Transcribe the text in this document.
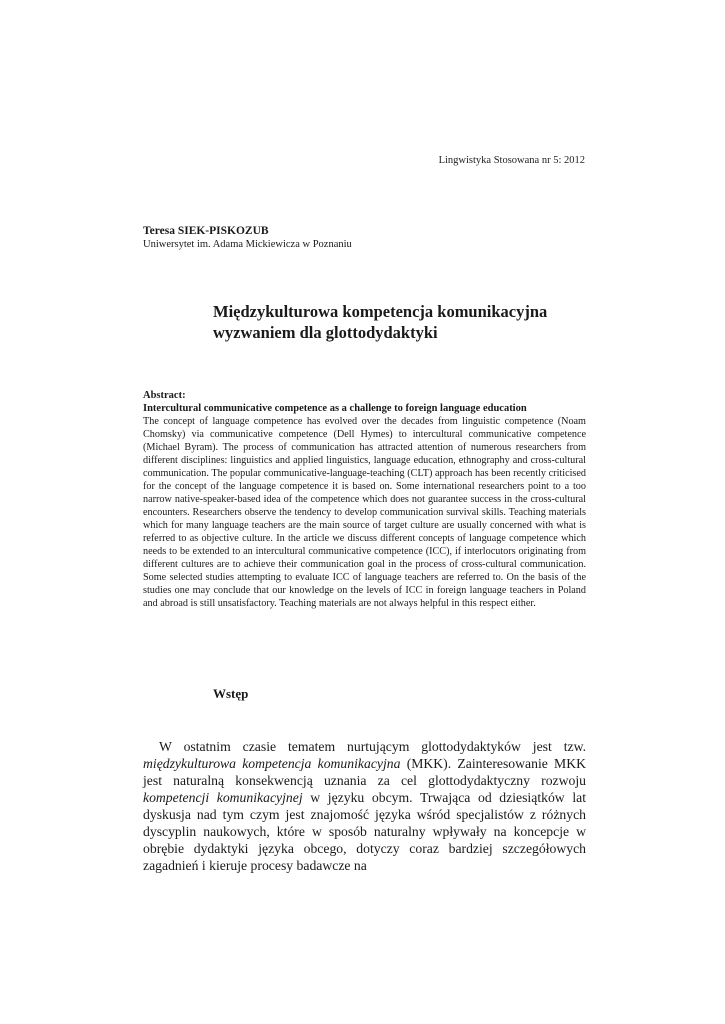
Lingwistyka Stosowana nr 5: 2012
Teresa SIEK-PISKOZUB
Uniwersytet im. Adama Mickiewicza w Poznaniu
Międzykulturowa kompetencja komunikacyjna
wyzwaniem dla glottodydaktyki
Abstract:
Intercultural communicative competence as a challenge to foreign language education

The concept of language competence has evolved over the decades from linguistic competence (Noam Chomsky) via communicative competence (Dell Hymes) to intercultural communicative competence (Michael Byram). The process of communication has attracted attention of numerous researchers from different disciplines: linguistics and applied linguistics, language education, ethnography and cross-cultural communication. The popular communicative-language-teaching (CLT) approach has been recently criticised for the concept of the language competence it is based on. Some international researchers point to a too narrow native-speaker-based idea of the competence which does not guarantee success in the cross-cultural encounters. Researchers observe the tendency to develop communication survival skills. Teaching materials which for many language teachers are the main source of target culture are usually concerned with what is referred to as objective culture. In the article we discuss different concepts of language competence which needs to be extended to an intercultural communicative competence (ICC), if interlocutors originating from different cultures are to achieve their communication goal in the process of cross-cultural communication. Some selected studies attempting to evaluate ICC of language teachers are referred to. On the basis of the studies one may conclude that our knowledge on the levels of ICC in foreign language teachers in Poland and abroad is still unsatisfactory. Teaching materials are not always helpful in this respect either.

Wstęp

W ostatnim czasie tematem nurtującym glottodydaktyków jest tzw. międzykulturowa kompetencja komunikacyjna (MKK). Zainteresowanie MKK jest naturalną konsekwencją uznania za cel glottodydaktyczny rozwoju kompetencji komunikacyjnej w języku obcym. Trwająca od dziesiątków lat dyskusja nad tym czym jest znajomość języka wśród specjalistów z różnych dyscyplin naukowych, które w sposób naturalny wpływały na koncepcje w obrębie dydaktyki języka obcego, dotyczy coraz bardziej szczegółowych zagadnień i kieruje procesy badawcze na
